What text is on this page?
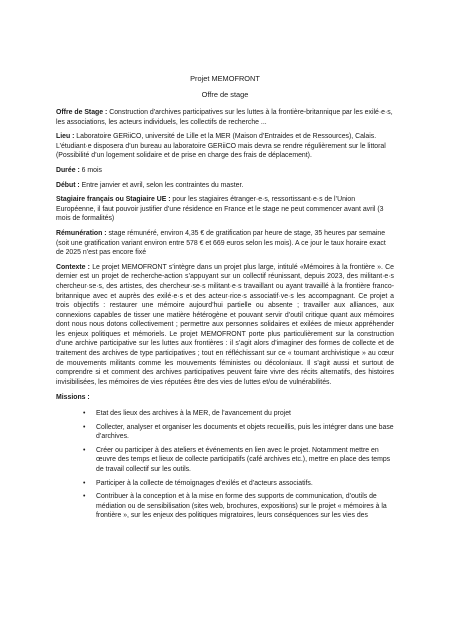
Projet MEMOFRONT

Offre de stage

Offre de Stage : Construction d’archives participatives sur les luttes à la frontière-britannique par les exilé·e·s, les associations, les acteurs individuels, les collectifs de recherche ...

Lieu : Laboratoire GERiiCO, université de Lille et la MER (Maison d’Entraides et de Ressources), Calais. L’étudiant·e disposera d’un bureau au laboratoire GERiiCO mais devra se rendre régulièrement sur le littoral (Possibilité d’un logement solidaire et de prise en charge des frais de déplacement).

Durée : 6 mois

Début : Entre janvier et avril, selon les contraintes du master.

Stagiaire français ou Stagiaire UE : pour les stagiaires étranger·e·s, ressortissant·e·s de l’Union Européenne, il faut pouvoir justifier d’une résidence en France et le stage ne peut commencer avant avril (3 mois de formalités)

Rémunération : stage rémunéré, environ 4,35 € de gratification par heure de stage, 35 heures par semaine (soit une gratification variant environ entre 578 € et 669 euros selon les mois). A ce jour le taux horaire exact de 2025 n’est pas encore fixé

Contexte : Le projet MEMOFRONT s’intègre dans un projet plus large, intitulé «Mémoires à la frontière ». Ce dernier est un projet de recherche-action s’appuyant sur un collectif réunissant, depuis 2023, des militant·e·s chercheur·se·s, des artistes, des chercheur·se·s militant·e·s travaillant ou ayant travaillé à la frontière franco-britannique avec et auprès des exilé·e·s et des acteur·rice·s associatif·ve·s les accompagnant. Ce projet a trois objectifs : restaurer une mémoire aujourd’hui partielle ou absente ; travailler aux alliances, aux connexions capables de tisser une matière hétérogène et pouvant servir d’outil critique quant aux mémoires dont nous nous dotons collectivement ; permettre aux personnes solidaires et exilées de mieux appréhender les enjeux politiques et mémoriels. Le projet MEMOFRONT porte plus particulièrement sur la construction d’une archive participative sur les luttes aux frontières : il s’agit alors d’imaginer des formes de collecte et de traitement des archives de type participatives ; tout en réfléchissant sur ce « tournant archivistique » au cœur de mouvements militants comme les mouvements féministes ou décoloniaux. Il s’agit aussi et surtout de comprendre si et comment des archives participatives peuvent faire vivre des récits alternatifs, des histoires invisibilisées, les mémoires de vies réputées être des vies de luttes et/ou de vulnérabilités.

Missions :

• Etat des lieux des archives à la MER, de l’avancement du projet
• Collecter, analyser et organiser les documents et objets recueillis, puis les intégrer dans une base d’archives.
• Créer ou participer à des ateliers et événements en lien avec le projet. Notamment mettre en œuvre des temps et lieux de collecte participatifs (café archives etc.), mettre en place des temps de travail collectif sur les outils.
• Participer à la collecte de témoignages d’exilés et d’acteurs associatifs.
• Contribuer à la conception et à la mise en forme des supports de communication, d’outils de médiation ou de sensibilisation (sites web, brochures, expositions) sur le projet « mémoires à la frontière », sur les enjeux des politiques migratoires, leurs conséquences sur les vies des
